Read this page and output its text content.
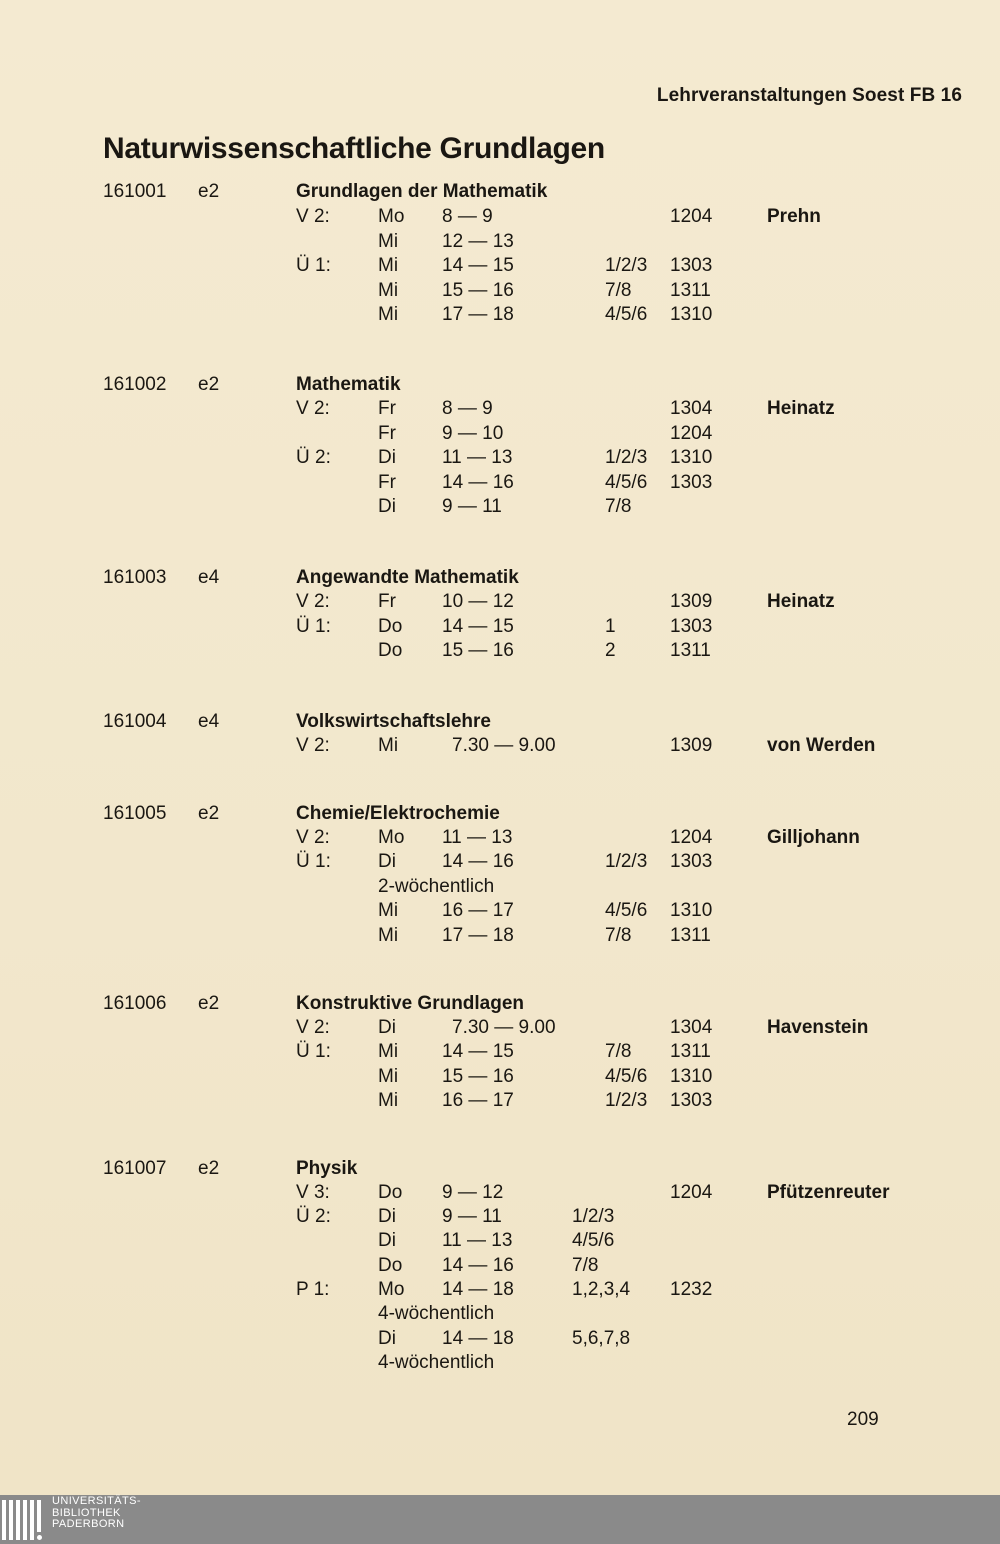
Lehrveranstaltungen Soest FB 16
Naturwissenschaftliche Grundlagen
161001 e2	Grundlagen der Mathematik
V 2:	Mo 8 — 9	1204	Prehn
Mi 12 — 13
Ü 1: Mi 14 — 15	1/2/3 1303
Mi 15 — 16	7/8 1311
Mi 17 — 18	4/5/6 1310
161002 e2	Mathematik
V 2:	Fr 8 — 9	1304	Heinatz
Fr 9 — 10	1204
Ü 2: Di 11 — 13	1/2/3 1310
Fr 14 — 16	4/5/6 1303
Di 9 — 11	7/8
161003 e4	Angewandte Mathematik
V 2:	Fr 10 — 12	1309	Heinatz
Ü 1: Do 14 — 15	1	1303
Do 15 — 16	2	1311
161004 e4	Volkswirtschaftslehre
V 2:	Mi	7.30 — 9.00	1309	von Werden
161005 e2	Chemie/Elektrochemie
V 2:	Mo 11 — 13	1204	Gilljohann
Ü 1: Di 14 — 16	1/2/3 1303
2-wöchentlich
Mi 16 — 17	4/5/6 1310
Mi 17 — 18	7/8 1311
161006 e2	Konstruktive Grundlagen
V 2:	Di	7.30 — 9.00	1304	Havenstein
Ü 1: Mi 14 — 15	7/8 1311
Mi 15 — 16	4/5/6 1310
Mi 16 — 17	1/2/3 1303
161007 e2	Physik
V 3:	Do 9 — 12	1204	Pfützenreuter
Ü 2: Di 9 — 11	1/2/3
Di 11 — 13	4/5/6
Do 14 — 16	7/8
P 1:	Mo 14 — 18	1,2,3,4 1232
4-wöchentlich
Di 14 — 18	5,6,7,8
4-wöchentlich
209
UNIVERSITÄTS-
BIBLIOTHEK
PADERBORN
